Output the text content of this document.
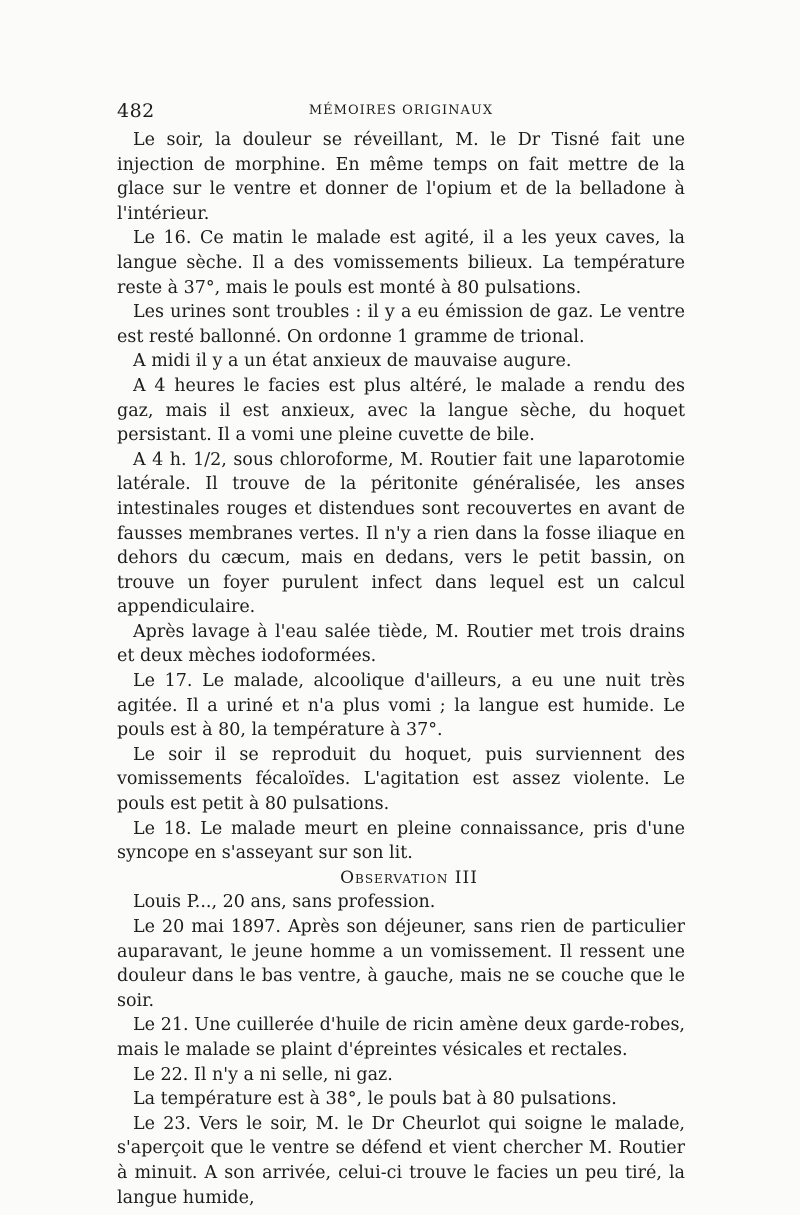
482	MÉMOIRES ORIGINAUX

Le soir, la douleur se réveillant, M. le Dr Tisné fait une injection de morphine. En même temps on fait mettre de la glace sur le ventre et donner de l'opium et de la belladone à l'intérieur.

Le 16. Ce matin le malade est agité, il a les yeux caves, la langue sèche. Il a des vomissements bilieux. La température reste à 37°, mais le pouls est monté à 80 pulsations.

Les urines sont troubles : il y a eu émission de gaz. Le ventre est resté ballonné. On ordonne 1 gramme de trional.

A midi il y a un état anxieux de mauvaise augure.

A 4 heures le facies est plus altéré, le malade a rendu des gaz, mais il est anxieux, avec la langue sèche, du hoquet persistant. Il a vomi une pleine cuvette de bile.

A 4 h. 1/2, sous chloroforme, M. Routier fait une laparotomie latérale. Il trouve de la péritonite généralisée, les anses intestinales rouges et distendues sont recouvertes en avant de fausses membranes vertes. Il n'y a rien dans la fosse iliaque en dehors du cæcum, mais en dedans, vers le petit bassin, on trouve un foyer purulent infect dans lequel est un calcul appendiculaire.

Après lavage à l'eau salée tiède, M. Routier met trois drains et deux mèches iodoformées.

Le 17. Le malade, alcoolique d'ailleurs, a eu une nuit très agitée. Il a uriné et n'a plus vomi ; la langue est humide. Le pouls est à 80, la température à 37°.

Le soir il se reproduit du hoquet, puis surviennent des vomissements fécaloïdes. L'agitation est assez violente. Le pouls est petit à 80 pulsations.

Le 18. Le malade meurt en pleine connaissance, pris d'une syncope en s'asseyant sur son lit.

Observation III

Louis P..., 20 ans, sans profession.

Le 20 mai 1897. Après son déjeuner, sans rien de particulier auparavant, le jeune homme a un vomissement. Il ressent une douleur dans le bas ventre, à gauche, mais ne se couche que le soir.

Le 21. Une cuillerée d'huile de ricin amène deux garde-robes, mais le malade se plaint d'épreintes vésicales et rectales.

Le 22. Il n'y a ni selle, ni gaz.

La température est à 38°, le pouls bat à 80 pulsations.

Le 23. Vers le soir, M. le Dr Cheurlot qui soigne le malade, s'aperçoit que le ventre se défend et vient chercher M. Routier à minuit. A son arrivée, celui-ci trouve le facies un peu tiré, la langue humide,
